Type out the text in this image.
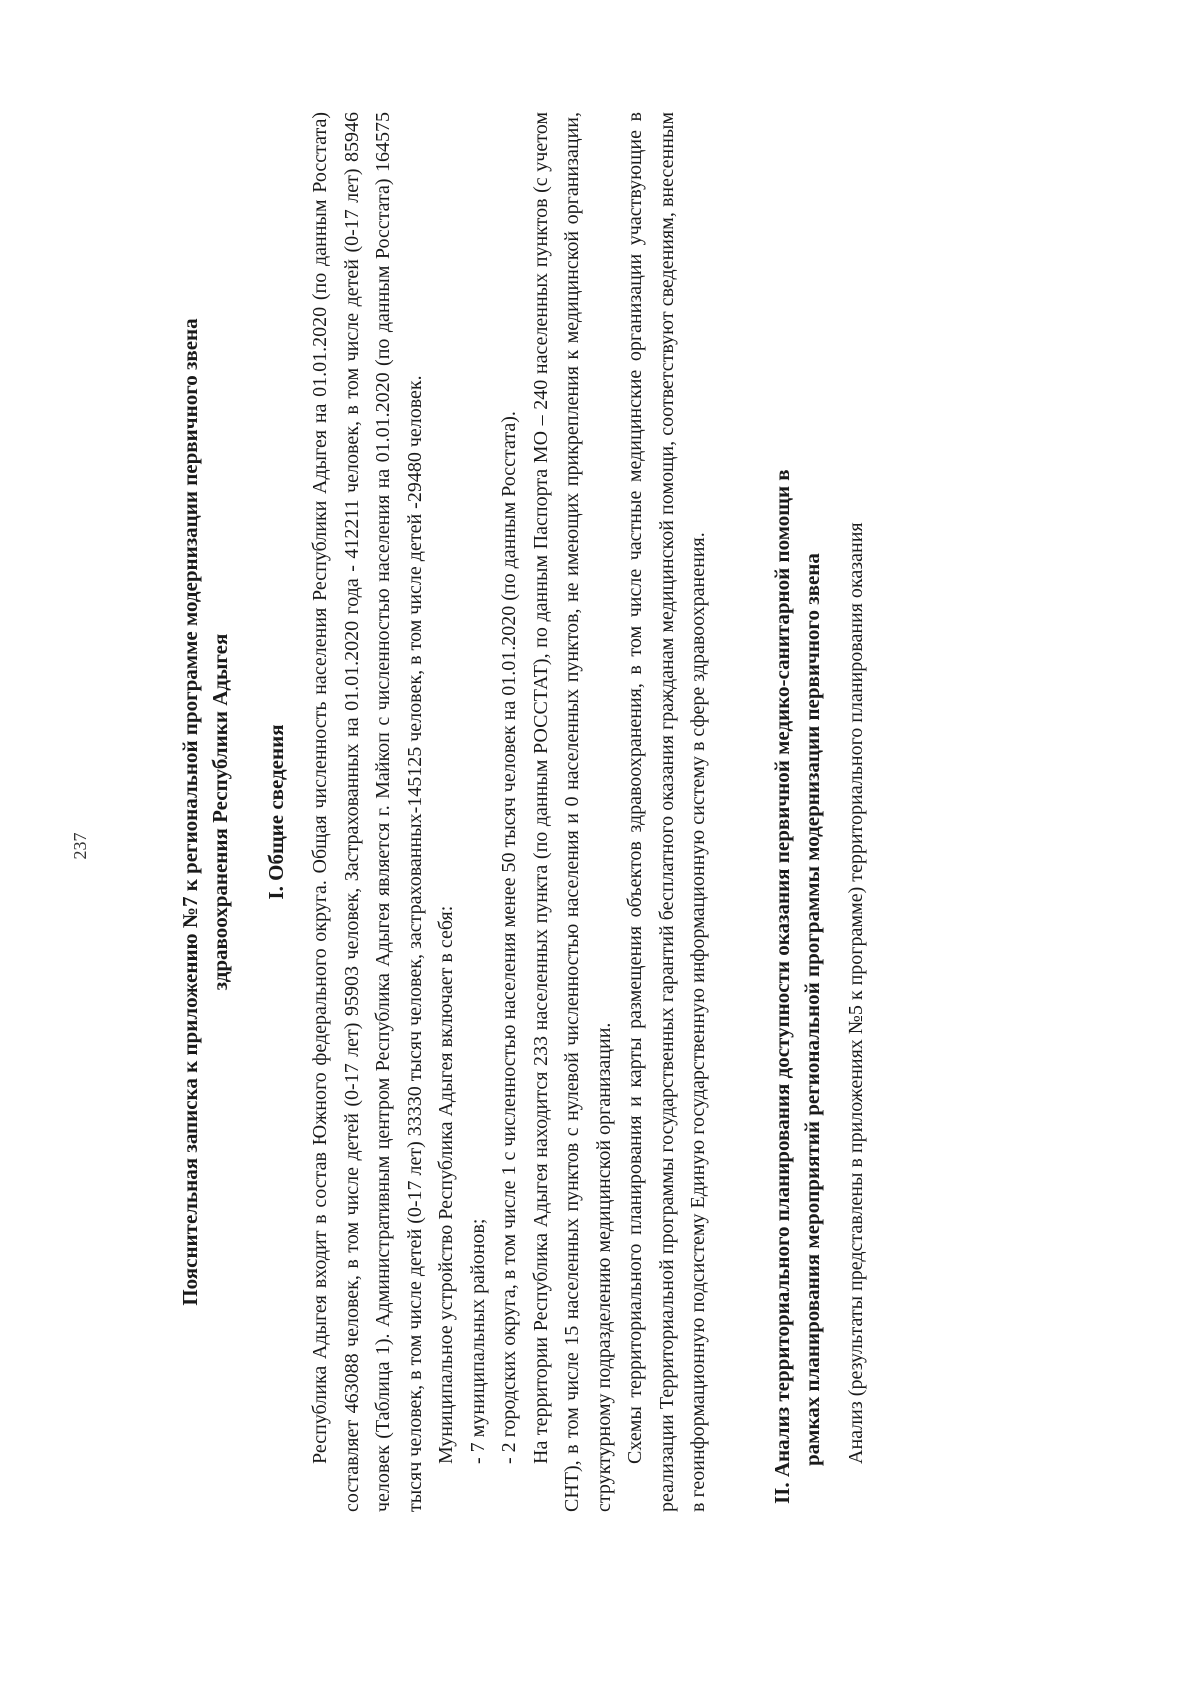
237	Пояснительная записка к приложению №7 к региональной программе модернизации первичного звена здравоохранения Республики Адыгея I. Общие сведения Республика Адыгея входит в состав Южного федерального округа. Общая численность населения Республики Адыгея на 01.01.2020 (по данным Росстата) составляет 463088 человек, в том числе детей (0-17 лет) 95903 человек, Застрахованных на 01.01.2020 года - 412211 человек, в том числе детей (0-17 лет) 85946 человек (Таблица 1). Административным центром Республика Адыгея является г. Майкоп с численностью населения на 01.01.2020 (по данным Росстата) 164575 тысяч человек, в том числе детей (0-17 лет) 33330 тысяч человек, застрахованных-145125 человек, в том числе детей -29480 человек. Муниципальное устройство Республика Адыгея включает в себя: - 7 муниципальных районов; - 2 городских округа, в том числе 1 с численностью населения менее 50 тысяч человек на 01.01.2020 (по данным Росстата). На территории Республика Адыгея находится 233 населенных пункта (по данным РОССТАТ), по данным Паспорта МО – 240 населенных пунктов (с учетом СНТ), в том числе 15 населенных пунктов с нулевой численностью населения и 0 населенных пунктов, не имеющих прикрепления к медицинской организации, структурному подразделению медицинской организации. Схемы территориального планирования и карты размещения объектов здравоохранения, в том числе частные медицинские организации участвующие в реализации Территориальной программы государственных гарантий бесплатного оказания гражданам медицинской помощи, соответствуют сведениям, внесенным в геоинформационную подсистему Единую государственную информационную систему в сфере здравоохранения.	II. Анализ территориального планирования доступности оказания первичной медико-санитарной помощи в рамках планирования мероприятий региональной программы модернизации первичного звена Анализ (результаты представлены в приложениях №5 к программе) территориального планирования оказания
